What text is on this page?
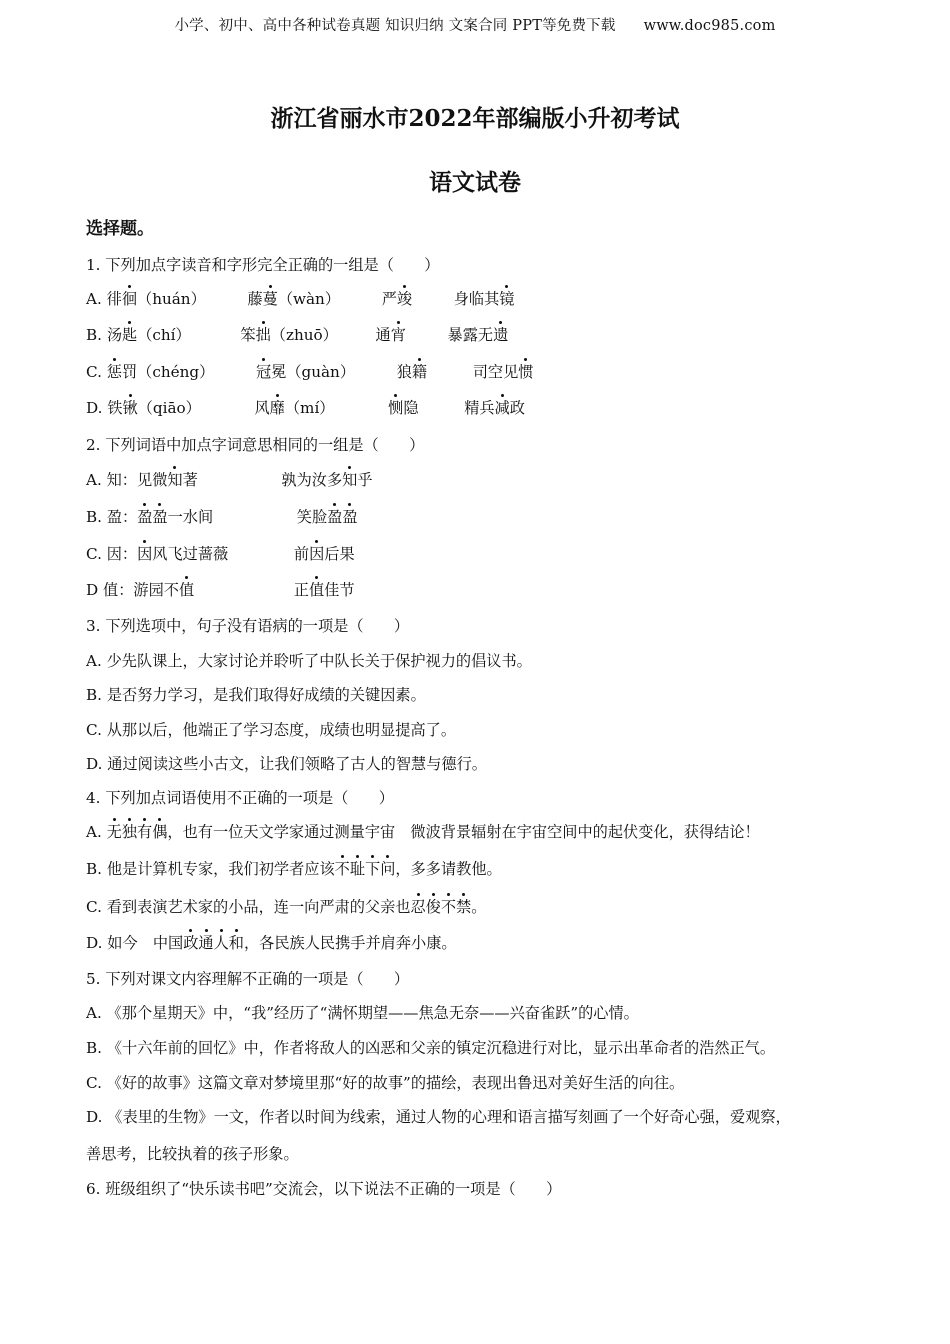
小学、初中、高中各种试卷真题 知识归纳 文案合同 PPT等免费下载 www.doc985.com
浙江省丽水市2022年部编版小升初考试
语文试卷
选择题。
1. 下列加点字读音和字形完全正确的一组是（　　）
A. 徘徊（huán）	藤蔓（wàn）	严竣	身临其镜
B. 汤匙（chí）	笨拙（zhuō） 通宵	暴露无遗
C. 惩罚（chéng）	冠冕（guàn）	狼籍	司空见惯
D. 铁锹（qiāo）	风靡（mí）	恻隐	精兵减政
2. 下列词语中加点字词意思相同的一组是（　　）
A. 知：见微知著	孰为汝多知乎
B. 盈：盈盈一水间	笑脸盈盈
C. 因：因风飞过蔷薇	前因后果
D 值：游园不值	正值佳节
3. 下列选项中，句子没有语病的一项是（　　）
A. 少先队课上，大家讨论并聆听了中队长关于保护视力的倡议书。
B. 是否努力学习，是我们取得好成绩的关键因素。
C. 从那以后，他端正了学习态度，成绩也明显提高了。
D. 通过阅读这些小古文，让我们领略了古人的智慧与德行。
4. 下列加点词语使用不正确的一项是（　　）
A. 无独有偶，也有一位天文学家通过测量宇宙　微波背景辐射在宇宙空间中的起伏变化，获得结论！
B. 他是计算机专家，我们初学者应该不耻下问，多多请教他。
C. 看到表演艺术家的小品，连一向严肃的父亲也忍俊不禁。
D. 如今　中国政通人和，各民族人民携手并肩奔小康。
5. 下列对课文内容理解不正确的一项是（　　）
A. 《那个星期天》中，“我”经历了“满怀期望——焦急无奈——兴奋雀跃”的心情。
B. 《十六年前的回忆》中，作者将敌人的凶恶和父亲的镇定沉稳进行对比，显示出革命者的浩然正气。
C. 《好的故事》这篇文章对梦境里那“好的故事”的描绘，表现出鲁迅对美好生活的向往。
D. 《表里的生物》一文，作者以时间为线索，通过人物的心理和语言描写刻画了一个好奇心强，爱观察，
善思考，比较执着的孩子形象。
6. 班级组织了“快乐读书吧”交流会，以下说法不正确的一项是（　　）
